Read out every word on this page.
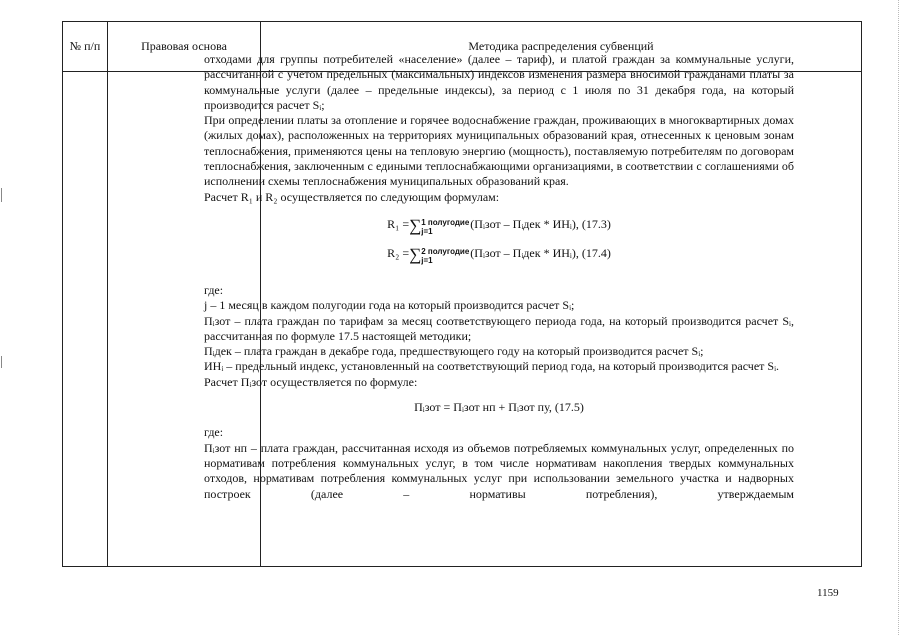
№ п/п	Правовая основа	Методика распределения субвенций

отходами для группы потребителей «население» (далее – тариф), и платой граждан за коммунальные услуги, рассчитанной с учетом предельных (максимальных) индексов изменения размера вносимой гражданами платы за коммунальные услуги (далее – предельные индексы), за период с 1 июля по 31 декабря года, на который производится расчет Sᵢ;

При определении платы за отопление и горячее водоснабжение граждан, проживающих в многоквартирных домах (жилых домах), расположенных на территориях муниципальных образований края, отнесенных к ценовым зонам теплоснабжения, применяются цены на тепловую энергию (мощность), поставляемую потребителям по договорам теплоснабжения, заключенным с едиными теплоснабжающими организациями, в соответствии с соглашениями об исполнении схемы теплоснабжения муниципальных образований края.

Расчет R₁ и R₂ осуществляется по следующим формулам:

R₁ =∑ 1 полугодие
j=1
(Пᵢзот – Пᵢдек * ИНᵢ), (17.3)
R₂ =∑ 2 полугодие
j=1
(Пᵢзот – Пᵢдек * ИНᵢ), (17.4)

где:

j – 1 месяц в каждом полугодии года на который производится расчет Sᵢ;

Пᵢзот – плата граждан по тарифам за месяц соответствующего периода года, на который производится расчет Sᵢ, рассчитанная по формуле 17.5 настоящей методики;

Пᵢдек – плата граждан в декабре года, предшествующего году на который производится расчет Sᵢ;

ИНᵢ – предельный индекс, установленный на соответствующий период года, на который производится расчет Sᵢ.

Расчет Пᵢзот осуществляется по формуле:

Пᵢзот = Пᵢзот нп + Пᵢзот пу, (17.5)

где:

Пᵢзот нп – плата граждан, рассчитанная исходя из объемов потребляемых коммунальных услуг, определенных по нормативам потребления коммунальных услуг, в том числе нормативам накопления твердых коммунальных отходов, нормативам потребления коммунальных услуг при использовании земельного участка и надворных построек (далее – нормативы потребления), утверждаемым

1159
